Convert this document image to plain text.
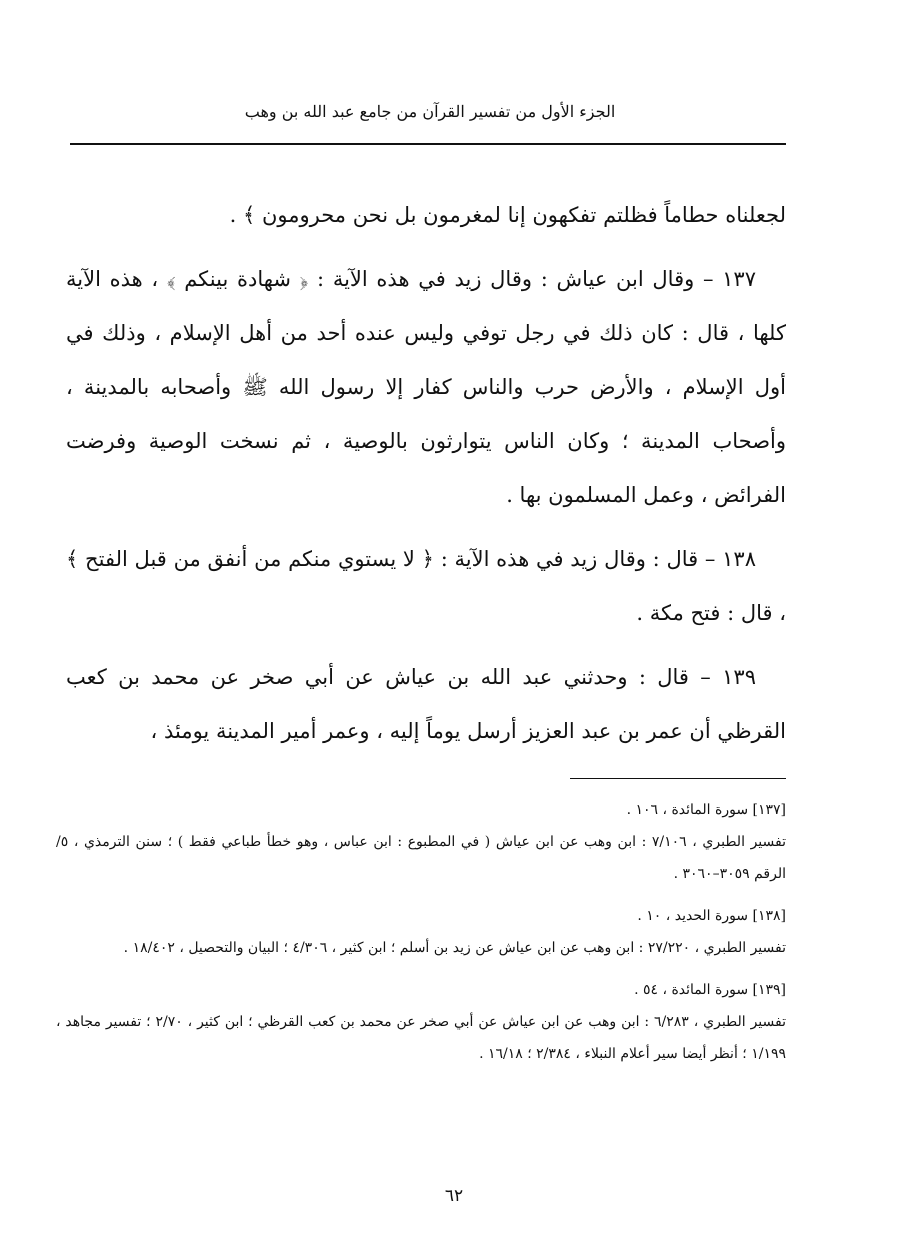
الجزء الأول من تفسير القرآن من جامع عبد الله بن وهب

لجعلناه حطاماً فظلتم تفكهون إنا لمغرمون بل نحن محرومون ﴾ .

١٣٧ – وقال ابن عياش : وقال زيد في هذه الآية : ﴿ شهادة بينكم ﴾ ، هذه الآية كلها ، قال : كان ذلك في رجل توفي وليس عنده أحد من أهل الإسلام ، وذلك في أول الإسلام ، والأرض حرب والناس كفار إلا رسول الله ﷺ وأصحابه بالمدينة ، وأصحاب المدينة ؛ وكان الناس يتوارثون بالوصية ، ثم نسخت الوصية وفرضت الفرائض ، وعمل المسلمون بها .

١٣٨ – قال : وقال زيد في هذه الآية : ﴿ لا يستوي منكم من أنفق من قبل الفتح ﴾ ، قال : فتح مكة .

١٣٩ – قال : وحدثني عبد الله بن عياش عن أبي صخر عن محمد بن كعب القرظي أن عمر بن عبد العزيز أرسل يوماً إليه ، وعمر أمير المدينة يومئذ ،

[١٣٧] سورة المائدة ، ١٠٦ .

تفسير الطبري ، ٧/١٠٦ : ابن وهب عن ابن عياش ( في المطبوع : ابن عباس ، وهو خطأ طباعي فقط ) ؛ سنن الترمذي ، ٥/الرقم ٣٠٥٩–٣٠٦٠ .

[١٣٨] سورة الحديد ، ١٠ .

تفسير الطبري ، ٢٧/٢٢٠ : ابن وهب عن ابن عياش عن زيد بن أسلم ؛ ابن كثير ، ٤/٣٠٦ ؛ البيان والتحصيل ، ١٨/٤٠٢ .

[١٣٩] سورة المائدة ، ٥٤ .

تفسير الطبري ، ٦/٢٨٣ : ابن وهب عن ابن عياش عن أبي صخر عن محمد بن كعب القرظي ؛ ابن كثير ، ٢/٧٠ ؛ تفسير مجاهد ، ١/١٩٩ ؛ أنظر أيضا سير أعلام النبلاء ، ٢/٣٨٤ ؛ ١٦/١٨ .

٦٢
